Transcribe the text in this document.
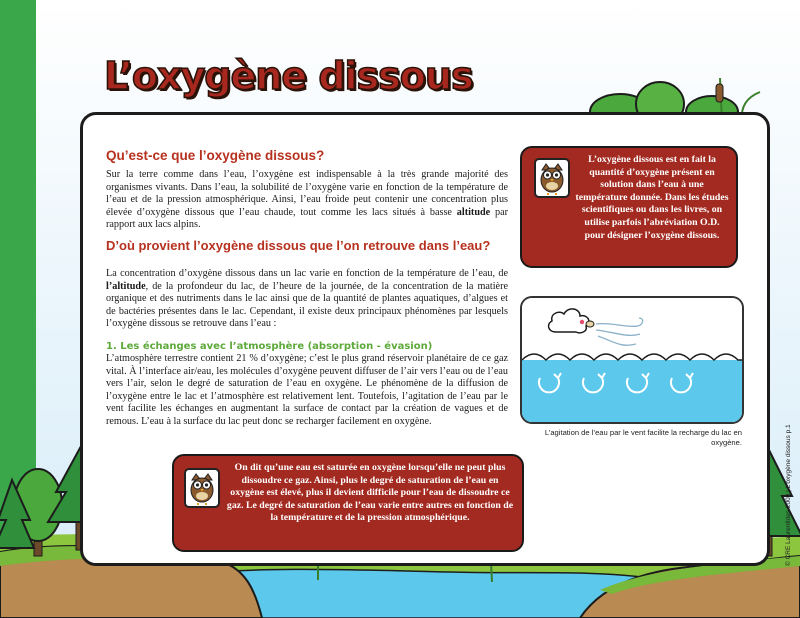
L’oxygène dissous
Qu’est-ce que l’oxygène dissous?

Sur la terre comme dans l’eau, l’oxygène est indispensable à la très grande majorité des organismes vivants. Dans l’eau, la solubilité de l’oxygène varie en fonction de la température de l’eau et de la pression atmosphérique. Ainsi, l’eau froide peut contenir une concentration plus élevée d’oxygène dissous que l’eau chaude, tout comme les lacs situés à basse altitude par rapport aux lacs alpins.

D’où provient l’oxygène dissous que l’on retrouve dans l’eau?

La concentration d’oxygène dissous dans un lac varie en fonction de la température de l’eau, de l’altitude, de la profondeur du lac, de l’heure de la journée, de la concentration de la matière organique et des nutriments dans le lac ainsi que de la quantité de plantes aquatiques, d’algues et de bactéries présentes dans le lac. Cependant, il existe deux principaux phénomènes par lesquels l’oxygène dissous se retrouve dans l’eau :

1. Les échanges avec l’atmosphère (absorption - évasion)

L’atmosphère terrestre contient 21 % d’oxygène; c’est le plus grand réservoir planétaire de ce gaz vital. À l’interface air/eau, les molécules d’oxygène peuvent diffuser de l’air vers l’eau ou de l’eau vers l’air, selon le degré de saturation de l’eau en oxygène. Le phénomène de la diffusion de l’oxygène entre le lac et l’atmosphère est relativement lent. Toutefois, l’agitation de l’eau par le vent facilite les échanges en augmentant la surface de contact par la création de vagues et de remous. L’eau à la surface du lac peut donc se recharger facilement en oxygène.

L’oxygène dissous est en fait la quantité d’oxygène présent en solution dans l’eau à une température donnée. Dans les études scientifiques ou dans les livres, on utilise parfois l’abréviation O.D. pour désigner l’oxygène dissous.

L’agitation de l’eau par le vent facilite la recharge du lac en oxygène.

On dit qu’une eau est saturée en oxygène lorsqu’elle ne peut plus dissoudre ce gaz. Ainsi, plus le degré de saturation de l’eau en oxygène est élevé, plus il devient difficile pour l’eau de dissoudre ce gaz. Le degré de saturation de l’eau varie entre autres en fonction de la température et de la pression atmosphérique.	© CRE Laurentides 2009 | L’oxygène dissous p.1
